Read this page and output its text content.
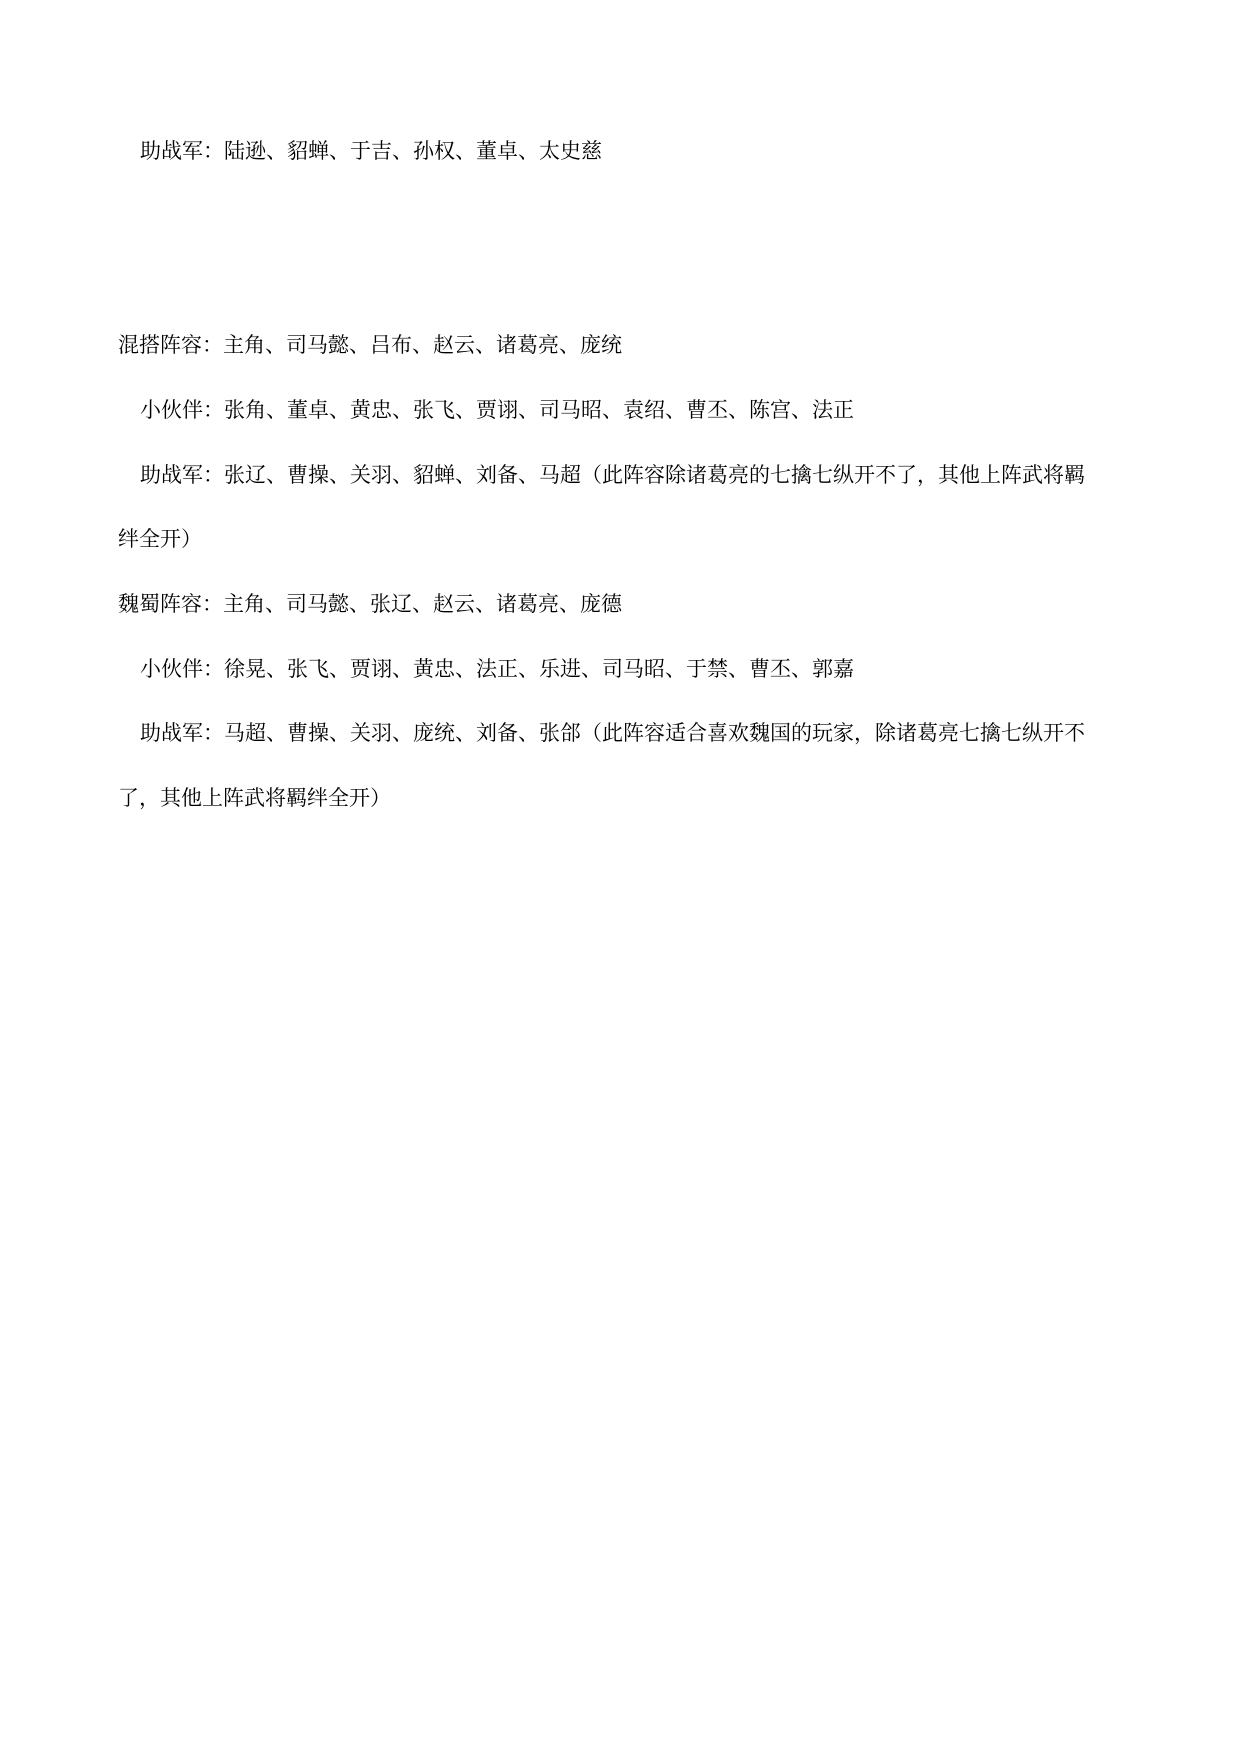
助战军：陆逊、貂蝉、于吉、孙权、董卓、太史慈
混搭阵容：主角、司马懿、吕布、赵云、诸葛亮、庞统
小伙伴：张角、董卓、黄忠、张飞、贾诩、司马昭、袁绍、曹丕、陈宫、法正
助战军：张辽、曹操、关羽、貂蝉、刘备、马超（此阵容除诸葛亮的七擒七纵开不了，其他上阵武将羁
绊全开）
魏蜀阵容：主角、司马懿、张辽、赵云、诸葛亮、庞德
小伙伴：徐晃、张飞、贾诩、黄忠、法正、乐进、司马昭、于禁、曹丕、郭嘉
助战军：马超、曹操、关羽、庞统、刘备、张郃（此阵容适合喜欢魏国的玩家，除诸葛亮七擒七纵开不
了，其他上阵武将羁绊全开）
